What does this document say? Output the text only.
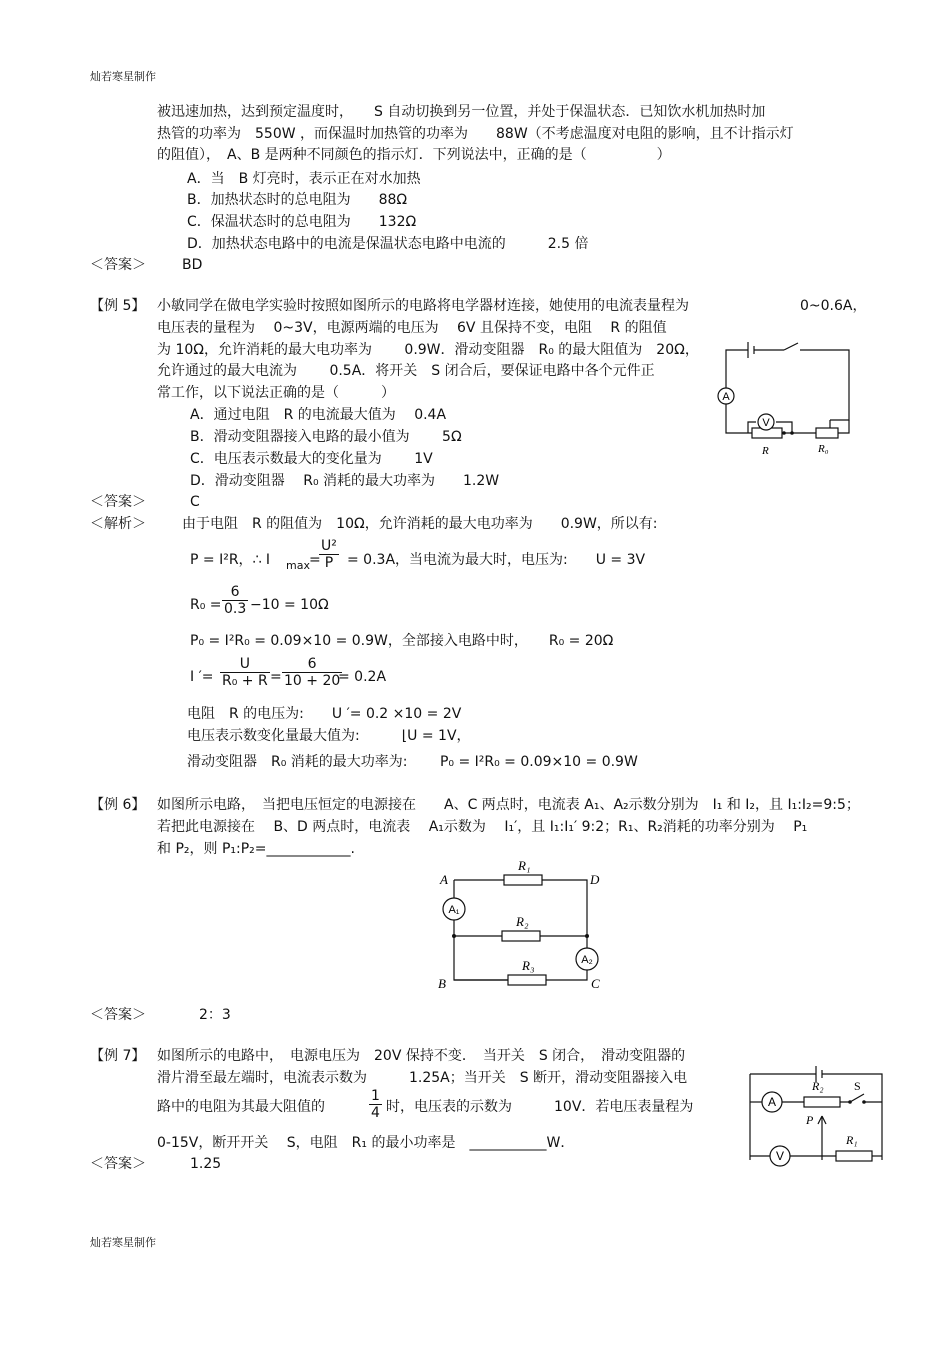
灿若寒星制作
灿若寒星制作
被迅速加热，达到预定温度时，　　S 自动切换到另一位置，并处于保温状态．已知饮水机加热时加
热管的功率为　550W ，而保温时加热管的功率为　　88W（不考虑温度对电阻的影响，且不计指示灯
的阻值），　A、B 是两种不同颜色的指示灯．下列说法中，正确的是（　　　　　）
A．当　B 灯亮时，表示正在对水加热
B．加热状态时的总电阻为　　88Ω
C．保温状态时的总电阻为　　132Ω
D．加热状态电路中的电流是保温状态电路中电流的　　　2.5 倍
＜答案＞	BD
【例 5】 小敏同学在做电学实验时按照如图所示的电路将电学器材连接，她使用的电流表量程为	0~0.6A，
电压表的量程为　 0~3V，电源两端的电压为　 6V 且保持不变，电阻　 R 的阻值
为 10Ω，允许消耗的最大电功率为　　 0.9W．滑动变阻器　R₀ 的最大阻值为　20Ω，
允许通过的最大电流为　　 0.5A．将开关　S 闭合后，要保证电路中各个元件正
常工作，以下说法正确的是（　　　）
A．通过电阻　R 的电流最大值为　 0.4A
B．滑动变阻器接入电路的最小值为　　 5Ω
C．电压表示数最大的变化量为　　 1V
D．滑动变阻器　 R₀ 消耗的最大功率为　　1.2W
＜答案＞	C
＜解析＞	由于电阻　R 的阻值为　10Ω，允许消耗的最大电功率为　　0.9W，所以有:
P = I²R，∴ I max =
$\frac{\text{U²}}{P} = 0.3A$，当电流为最大时，电压为:　　U = 3V
$R_0 = \frac{6}{0.3} -10 = 10\Omega$
P₀ = I²R₀ = 0.09×10 = 0.9W，全部接入电路中时，　　R₀ = 20Ω
I ′= $\frac{U}{\text{R₀ + R}} = \frac{6}{10 + 20}$
= 0.2A
电阻　R 的电压为:　　U ′= 0.2 ×10 = 2V
电压表示数变化量最大值为:　　　⌊U = 1V，
滑动变阻器　R₀ 消耗的最大功率为:　　 P₀ = I²R₀ = 0.09×10 = 0.9W
A
V
R	R₀
【例 6】 如图所示电路，　当把电压恒定的电源接在　　A、C 两点时，电流表 A₁、A₂示数分别为　I₁ 和 I₂，且 I₁:I₂=9:5；
若把此电源接在　 B、D 两点时，电流表　 A₁示数为　 I₁′，且 I₁:I₁′ 9:2；R₁、R₂消耗的功率分别为　 P₁
和 P₂，则 P₁:P₂=____________.
A	D
B	C
R₁
R₂
R₃
A₁
A₂
＜答案＞	2：3
【例 7】 如图所示的电路中，　电源电压为　20V 保持不变．　当开关　S 闭合，　滑动变阻器的
滑片滑至最左端时，电流表示数为　　　1.25A；当开关　S 断开，滑动变阻器接入电
路中的电阻为其最大阻值的	$\frac{1}{4}$ 时，电压表的示数为　　　10V．若电压表量程为
0-15V，断开开关　 S，电阻　R₁ 的最小功率是　___________W．
＜答案＞	1.25
A
V
S
R₂
P
R₁
